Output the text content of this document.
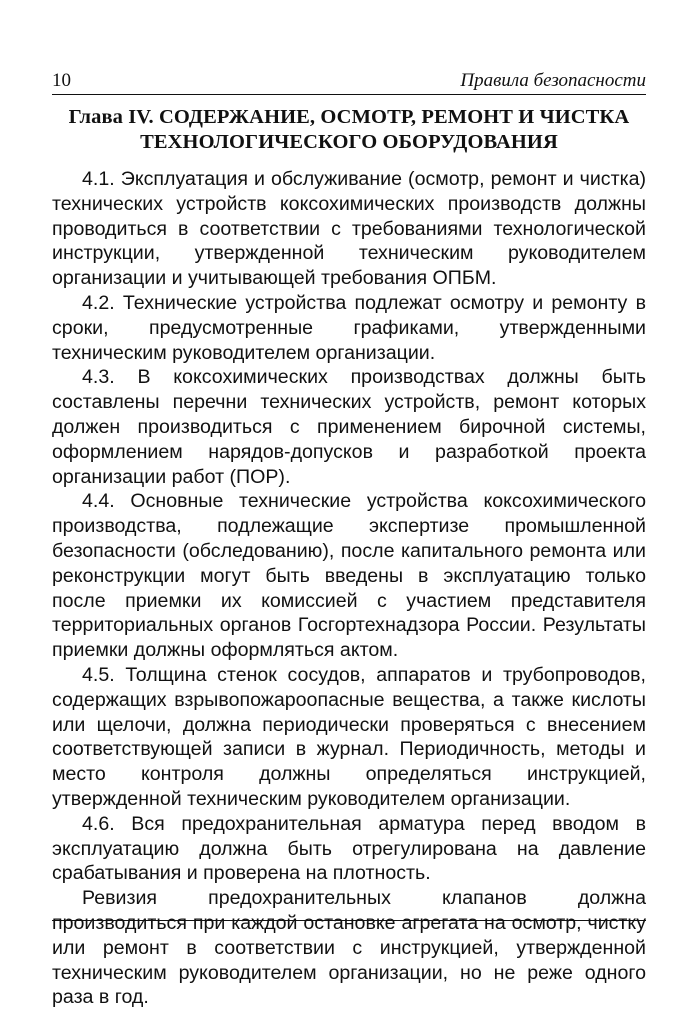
10	Правила безопасности
Глава IV. СОДЕРЖАНИЕ, ОСМОТР, РЕМОНТ И ЧИСТКА
ТЕХНОЛОГИЧЕСКОГО ОБОРУДОВАНИЯ

4.1. Эксплуатация и обслуживание (осмотр, ремонт и чистка) технических устройств коксохимических производств должны проводиться в соответствии с требованиями технологической инструкции, утвержденной техническим руководителем организации и учитывающей требования ОПБМ.

4.2. Технические устройства подлежат осмотру и ремонту в сроки, предусмотренные графиками, утвержденными техническим руководителем организации.

4.3. В коксохимических производствах должны быть составлены перечни технических устройств, ремонт которых должен производиться с применением бирочной системы, оформлением нарядов-допусков и разработкой проекта организации работ (ПОР).

4.4. Основные технические устройства коксохимического производства, подлежащие экспертизе промышленной безопасности (обследованию), после капитального ремонта или реконструкции могут быть введены в эксплуатацию только после приемки их комиссией с участием представителя территориальных органов Госгортехнадзора России. Результаты приемки должны оформляться актом.

4.5. Толщина стенок сосудов, аппаратов и трубопроводов, содержащих взрывопожароопасные вещества, а также кислоты или щелочи, должна периодически проверяться с внесением соответствующей записи в журнал. Периодичность, методы и место контроля должны определяться инструкцией, утвержденной техническим руководителем организации.

4.6. Вся предохранительная арматура перед вводом в эксплуатацию должна быть отрегулирована на давление срабатывания и проверена на плотность.

Ревизия предохранительных клапанов должна производиться при каждой остановке агрегата на осмотр, чистку или ремонт в соответствии с инструкцией, утвержденной техническим руководителем организации, но не реже одного раза в год.
